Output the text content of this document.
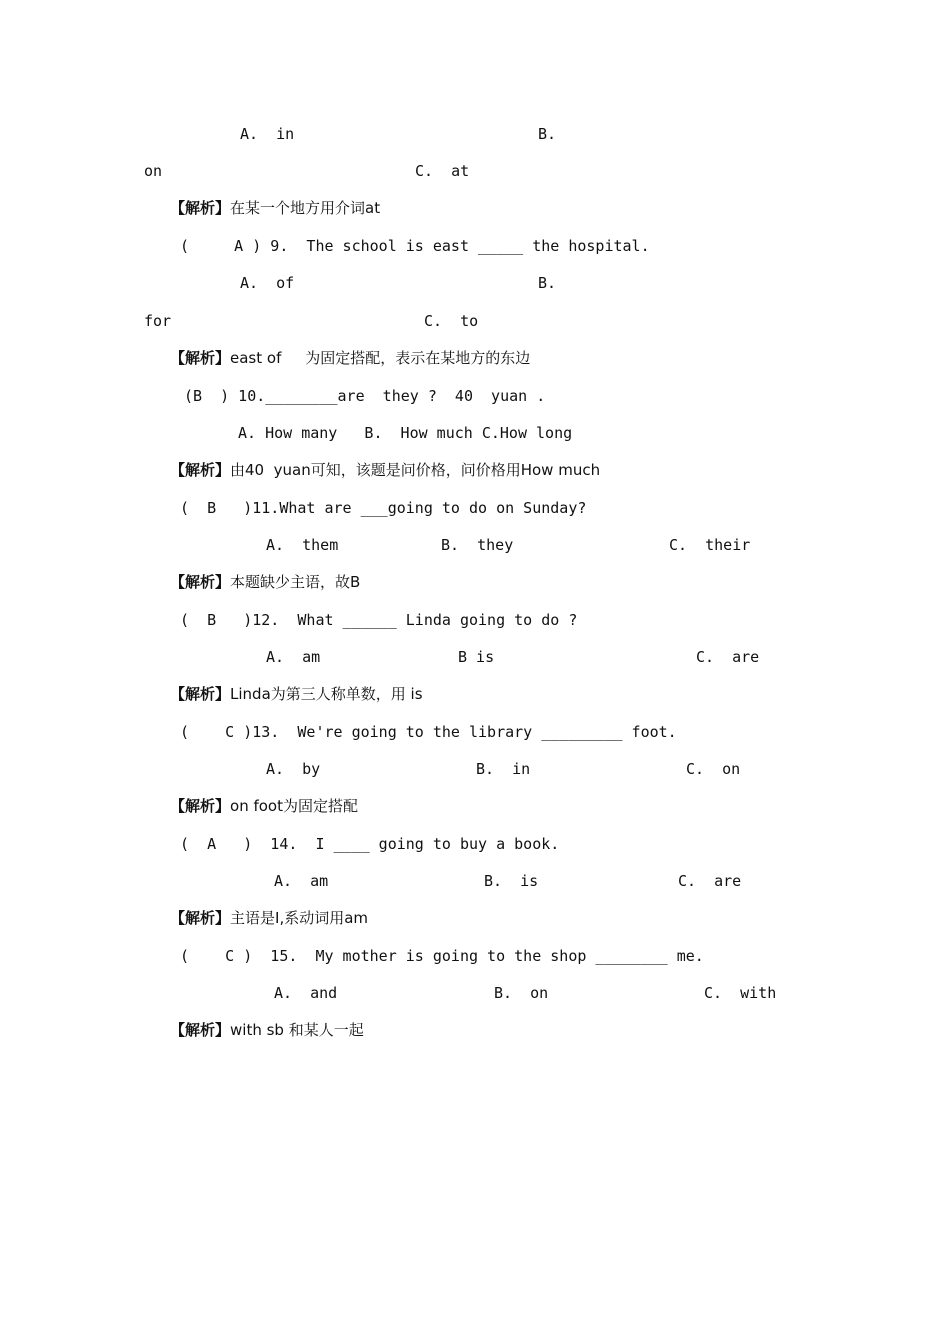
A.  in	B.
on	C.  at
【解析】在某一个地方用介词at
(     A ) 9.  The school is east _____ the hospital.
A.  of	B.
for	C.  to
【解析】east of     为固定搭配，表示在某地方的东边
(B  ) 10.________are  they ?  40  yuan .
A. How many   B.  How much C.How long
【解析】由40  yuan可知，该题是问价格，问价格用How much
(  B   )11.What are ___going to do on Sunday?
A.  them	B.  they	C.  their
【解析】本题缺少主语，故B
(  B   )12.  What ______ Linda going to do ?
A.  am	B is	C.  are
【解析】Linda为第三人称单数，用 is
(    C )13.  We're going to the library _________ foot.
A.  by	B.  in	C.  on
【解析】on foot为固定搭配
(  A   )  14.  I ____ going to buy a book.
A.  am	B.  is	C.  are
【解析】主语是I,系动词用am
(    C )  15.  My mother is going to the shop ________ me.
A.  and	B.  on	C.  with
【解析】with sb 和某人一起
